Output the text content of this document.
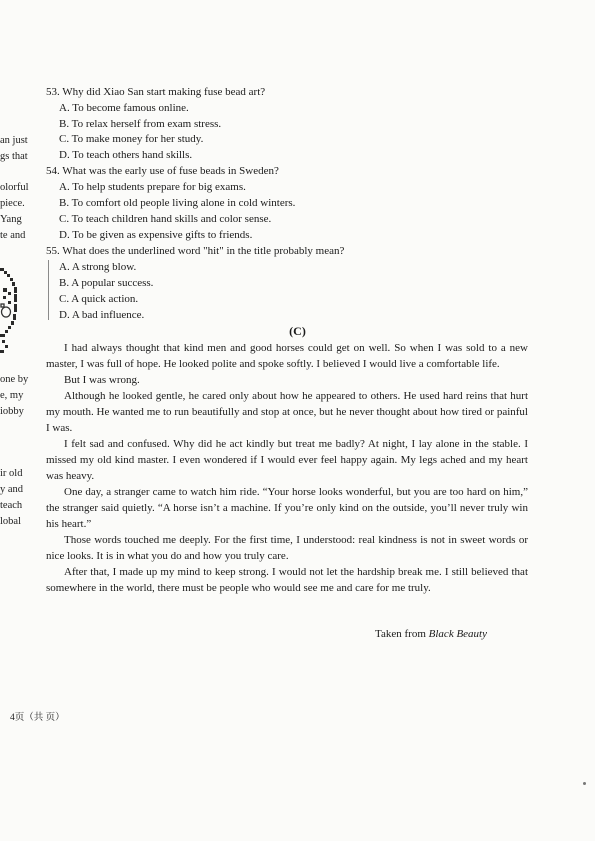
an just
gs that
olorful
piece.
Yang
te and
one by
e, my
iobby
ir old
y and
teach
lobal
53. Why did Xiao San start making fuse bead art?
A. To become famous online.
B. To relax herself from exam stress.
C. To make money for her study.
D. To teach others hand skills.
54. What was the early use of fuse beads in Sweden?
A. To help students prepare for big exams.
B. To comfort old people living alone in cold winters.
C. To teach children hand skills and color sense.
D. To be given as expensive gifts to friends.
55. What does the underlined word "hit" in the title probably mean?
A. A strong blow.
B. A popular success.
C. A quick action.
D. A bad influence.
(C)

I had always thought that kind men and good horses could get on well. So when I was sold to a new master, I was full of hope. He looked polite and spoke softly. I believed I would live a comfortable life.

But I was wrong.

Although he looked gentle, he cared only about how he appeared to others. He used hard reins that hurt my mouth. He wanted me to run beautifully and stop at once, but he never thought about how tired or painful I was.

I felt sad and confused. Why did he act kindly but treat me badly? At night, I lay alone in the stable. I missed my old kind master. I even wondered if I would ever feel happy again. My legs ached and my heart was heavy.

One day, a stranger came to watch him ride. “Your horse looks wonderful, but you are too hard on him,” the stranger said quietly. “A horse isn’t a machine. If you’re only kind on the outside, you’ll never truly win his heart.”

Those words touched me deeply. For the first time, I understood: real kindness is not in sweet words or nice looks. It is in what you do and how you truly care.

After that, I made up my mind to keep strong. I would not let the hardship break me. I still believed that somewhere in the world, there must be people who would see me and care for me truly.

Taken from Black Beauty
4页（共 页）
